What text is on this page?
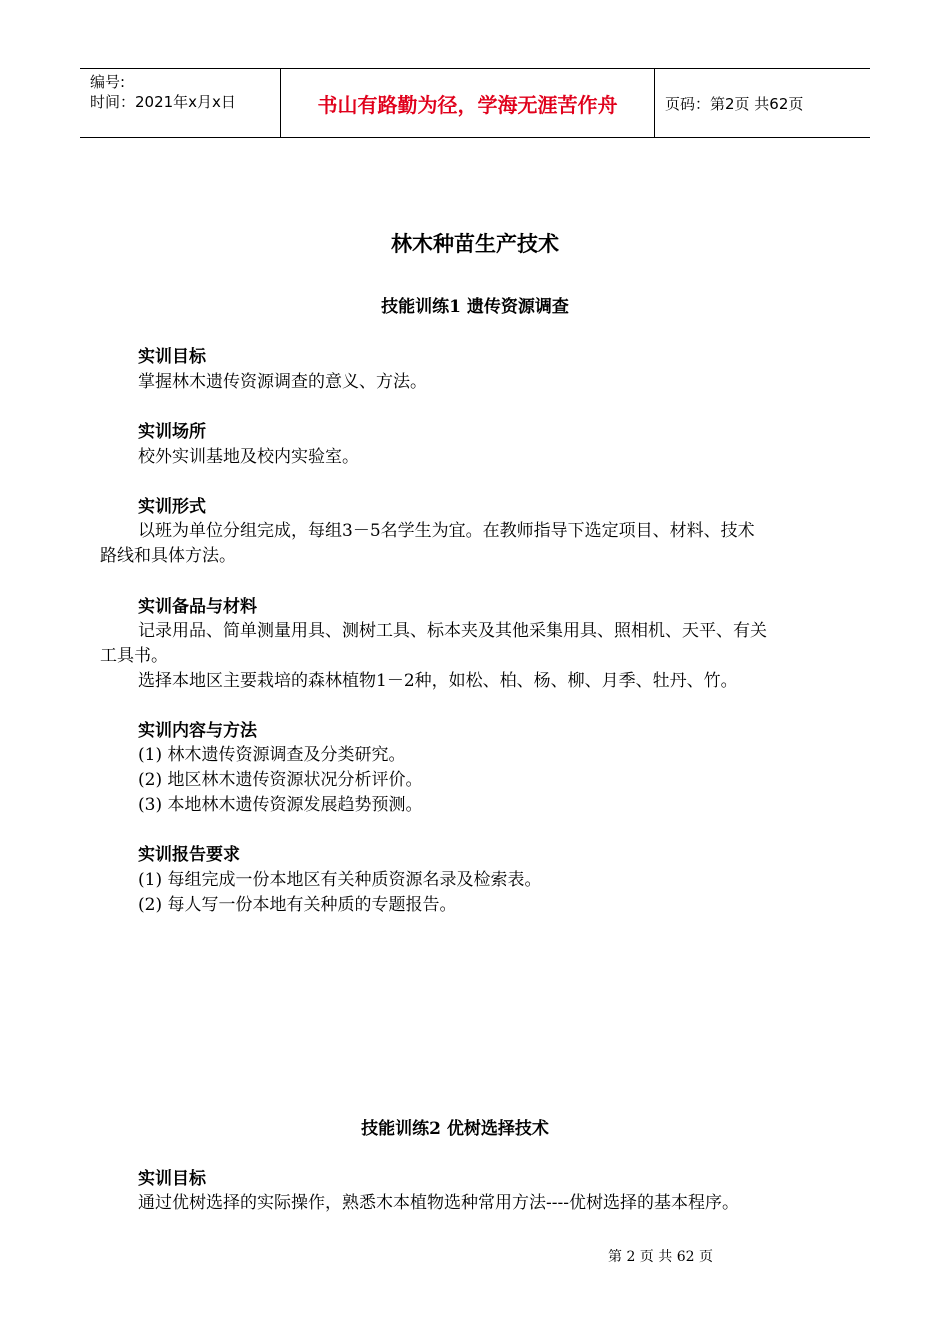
编号:
时间：2021年x月x日	书山有路勤为径，学海无涯苦作舟	页码：第2页 共62页
林木种苗生产技术
技能训练1 遗传资源调查
实训目标
掌握林木遗传资源调查的意义、方法。
实训场所
校外实训基地及校内实验室。
实训形式
以班为单位分组完成，每组3－5名学生为宜。在教师指导下选定项目、材料、技术
路线和具体方法。
实训备品与材料
记录用品、简单测量用具、测树工具、标本夹及其他采集用具、照相机、天平、有关
工具书。
选择本地区主要栽培的森林植物1－2种，如松、柏、杨、柳、月季、牡丹、竹。
实训内容与方法
(1) 林木遗传资源调查及分类研究。
(2) 地区林木遗传资源状况分析评价。
(3) 本地林木遗传资源发展趋势预测。
实训报告要求
(1) 每组完成一份本地区有关种质资源名录及检索表。
(2) 每人写一份本地有关种质的专题报告。
技能训练2 优树选择技术
实训目标
通过优树选择的实际操作，熟悉木本植物选种常用方法----优树选择的基本程序。
第 2 页 共 62 页
